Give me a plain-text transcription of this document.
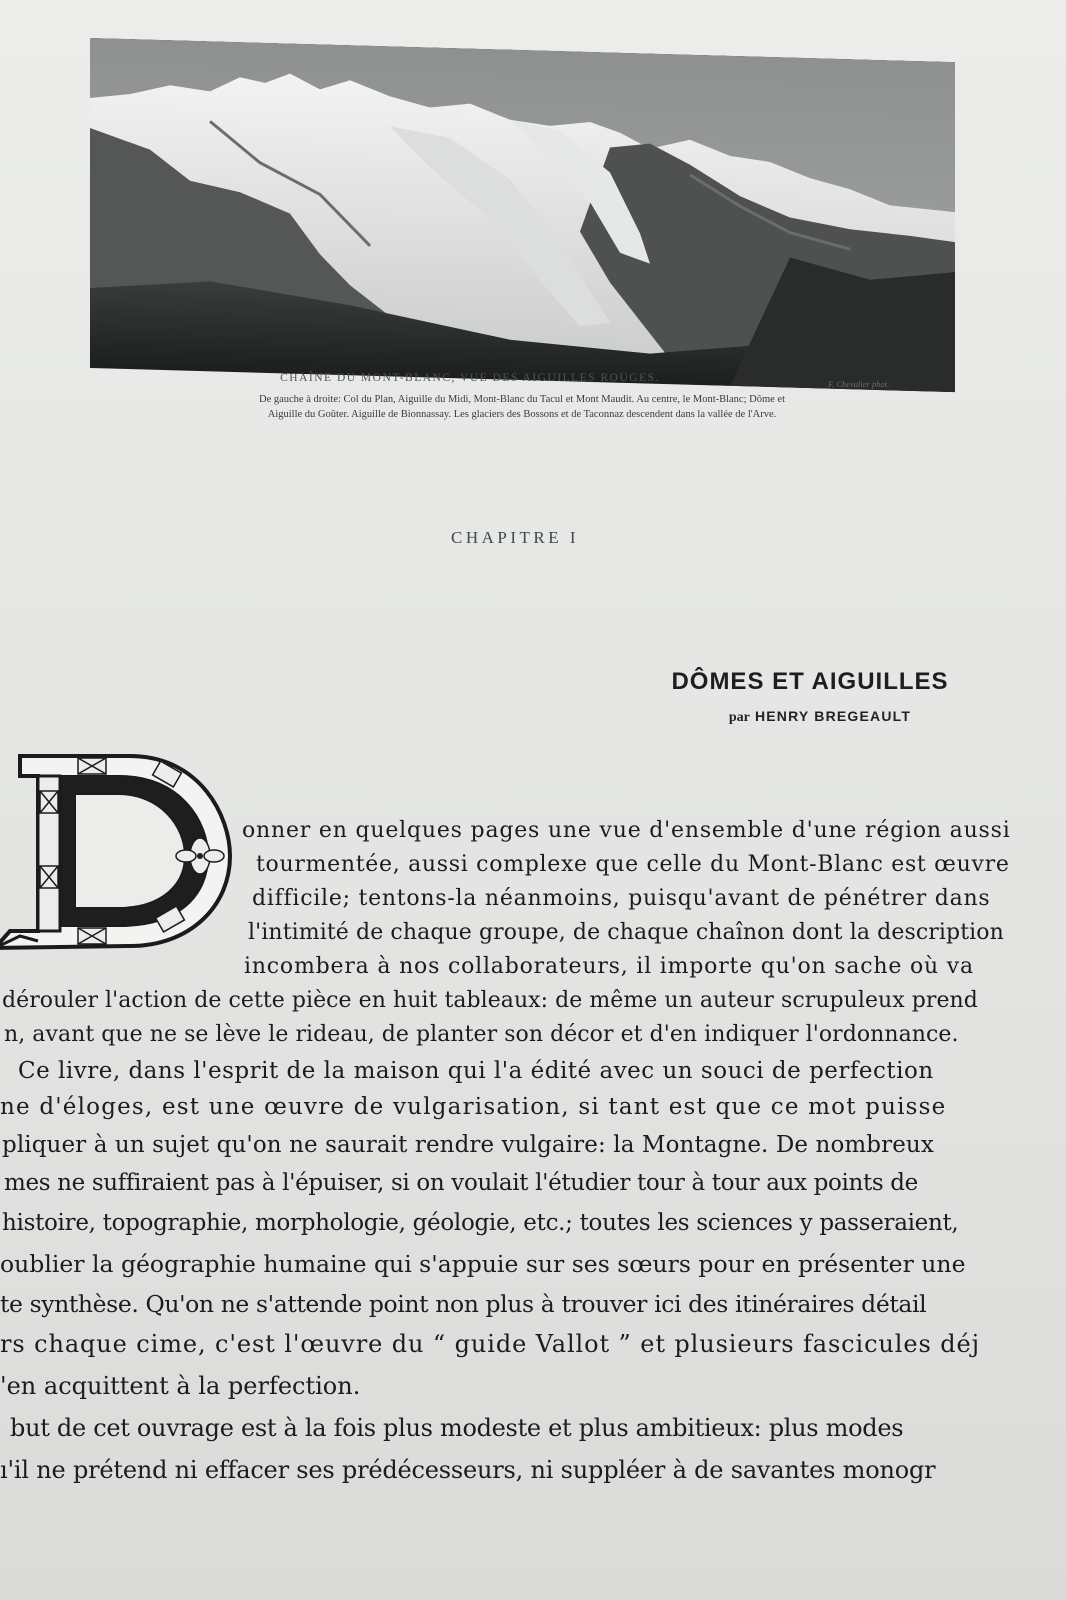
CHAÎNE DU MONT-BLANC, VUE DES AIGUILLES ROUGES.	F. Chevalier phot.
De gauche à droite: Col du Plan, Aiguille du Midi, Mont-Blanc du Tacul et Mont Maudit. Au centre, le Mont-Blanc; Dôme et
Aiguille du Goûter. Aiguille de Bionnassay. Les glaciers des Bossons et de Taconnaz descendent dans la vallée de l'Arve.
CHAPITRE I
DÔMES ET AIGUILLES
par HENRY BREGEAULT
onner en quelques pages une vue d'ensemble d'une région aussi
tourmentée, aussi complexe que celle du Mont-Blanc est œuvre
difficile; tentons-la néanmoins, puisqu'avant de pénétrer dans
l'intimité de chaque groupe, de chaque chaînon dont la description
incombera à nos collaborateurs, il importe qu'on sache où va
dérouler l'action de cette pièce en huit tableaux: de même un auteur scrupuleux prend
n, avant que ne se lève le rideau, de planter son décor et d'en indiquer l'ordonnance.
Ce livre, dans l'esprit de la maison qui l'a édité avec un souci de perfection
ne d'éloges, est une œuvre de vulgarisation, si tant est que ce mot puisse
pliquer à un sujet qu'on ne saurait rendre vulgaire: la Montagne. De nombreux
mes ne suffiraient pas à l'épuiser, si on voulait l'étudier tour à tour aux points de
histoire, topographie, morphologie, géologie, etc.; toutes les sciences y passeraient,
oublier la géographie humaine qui s'appuie sur ses sœurs pour en présenter une
te synthèse. Qu'on ne s'attende point non plus à trouver ici des itinéraires détail
rs chaque cime, c'est l'œuvre du “ guide Vallot ” et plusieurs fascicules déj
'en acquittent à la perfection.
but de cet ouvrage est à la fois plus modeste et plus ambitieux: plus modes
ı'il ne prétend ni effacer ses prédécesseurs, ni suppléer à de savantes monogr
